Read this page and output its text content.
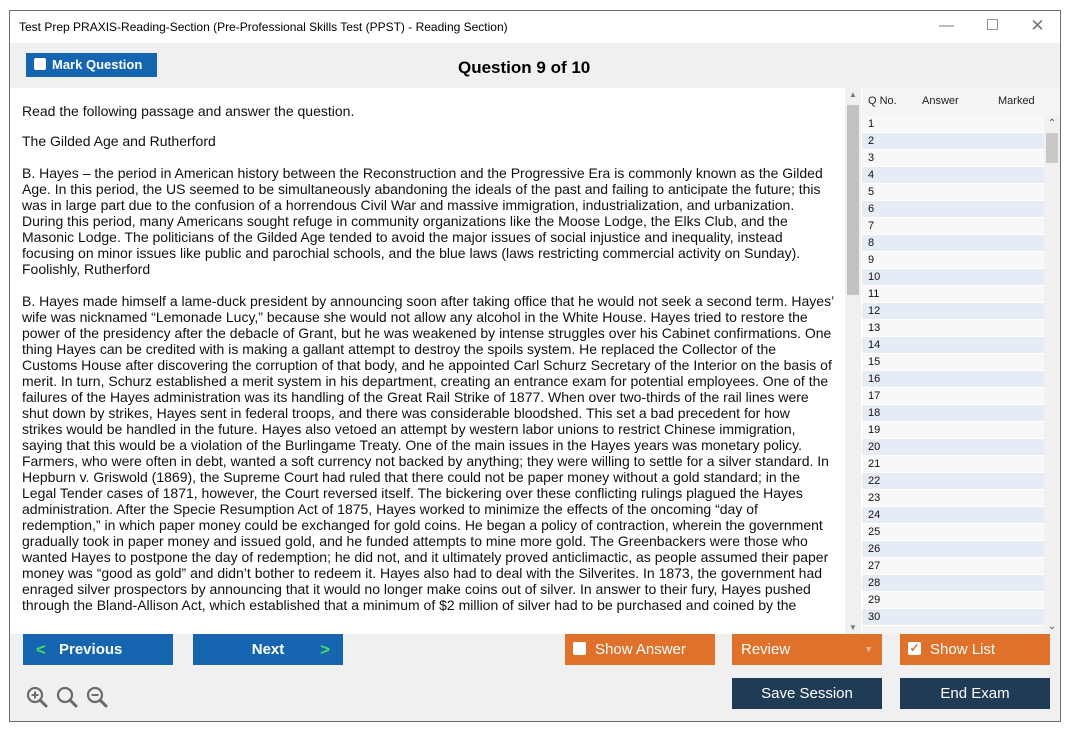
Test Prep PRAXIS-Reading-Section (Pre-Professional Skills Test (PPST) - Reading Section)	—	☐	✕
Mark Question	Question 9 of 10

Read the following passage and answer the question.

The Gilded Age and Rutherford

B. Hayes – the period in American history between the Reconstruction and the Progressive Era is commonly known as the Gilded Age. In this period, the US seemed to be simultaneously abandoning the ideals of the past and failing to anticipate the future; this was in large part due to the confusion of a horrendous Civil War and massive immigration, industrialization, and urbanization. During this period, many Americans sought refuge in community organizations like the Moose Lodge, the Elks Club, and the Masonic Lodge. The politicians of the Gilded Age tended to avoid the major issues of social injustice and inequality, instead focusing on minor issues like public and parochial schools, and the blue laws (laws restricting commercial activity on Sunday). Foolishly, Rutherford

B. Hayes made himself a lame-duck president by announcing soon after taking office that he would not seek a second term. Hayes’ wife was nicknamed “Lemonade Lucy,” because she would not allow any alcohol in the White House. Hayes tried to restore the power of the presidency after the debacle of Grant, but he was weakened by intense struggles over his Cabinet confirmations. One thing Hayes can be credited with is making a gallant attempt to destroy the spoils system. He replaced the Collector of the Customs House after discovering the corruption of that body, and he appointed Carl Schurz Secretary of the Interior on the basis of merit. In turn, Schurz established a merit system in his department, creating an entrance exam for potential employees. One of the failures of the Hayes administration was its handling of the Great Rail Strike of 1877. When over two-thirds of the rail lines were shut down by strikes, Hayes sent in federal troops, and there was considerable bloodshed. This set a bad precedent for how strikes would be handled in the future. Hayes also vetoed an attempt by western labor unions to restrict Chinese immigration, saying that this would be a violation of the Burlingame Treaty. One of the main issues in the Hayes years was monetary policy. Farmers, who were often in debt, wanted a soft currency not backed by anything; they were willing to settle for a silver standard. In Hepburn v. Griswold (1869), the Supreme Court had ruled that there could not be paper money without a gold standard; in the Legal Tender cases of 1871, however, the Court reversed itself. The bickering over these conflicting rulings plagued the Hayes administration. After the Specie Resumption Act of 1875, Hayes worked to minimize the effects of the oncoming “day of redemption,” in which paper money could be exchanged for gold coins. He began a policy of contraction, wherein the government gradually took in paper money and issued gold, and he funded attempts to mine more gold. The Greenbackers were those who wanted Hayes to postpone the day of redemption; he did not, and it ultimately proved anticlimactic, as people assumed their paper money was “good as gold” and didn’t bother to redeem it. Hayes also had to deal with the Silverites. In 1873, the government had enraged silver prospectors by announcing that it would no longer make coins out of silver. In answer to their fury, Hayes pushed through the Bland-Allison Act, which established that a minimum of $2 million of silver had to be purchased and coined by the

▲
▼
Q No. Answer	Marked
1
2
3
4
5
6
7
8
9
10
11
12
13
14
15
16
17
18
19
20
21
22
23
24
25
26
27
28
29
30
⌃
⌄
< Previous	Next >	Show Answer	Review	▼	✓ Show List
Save Session	End Exam
